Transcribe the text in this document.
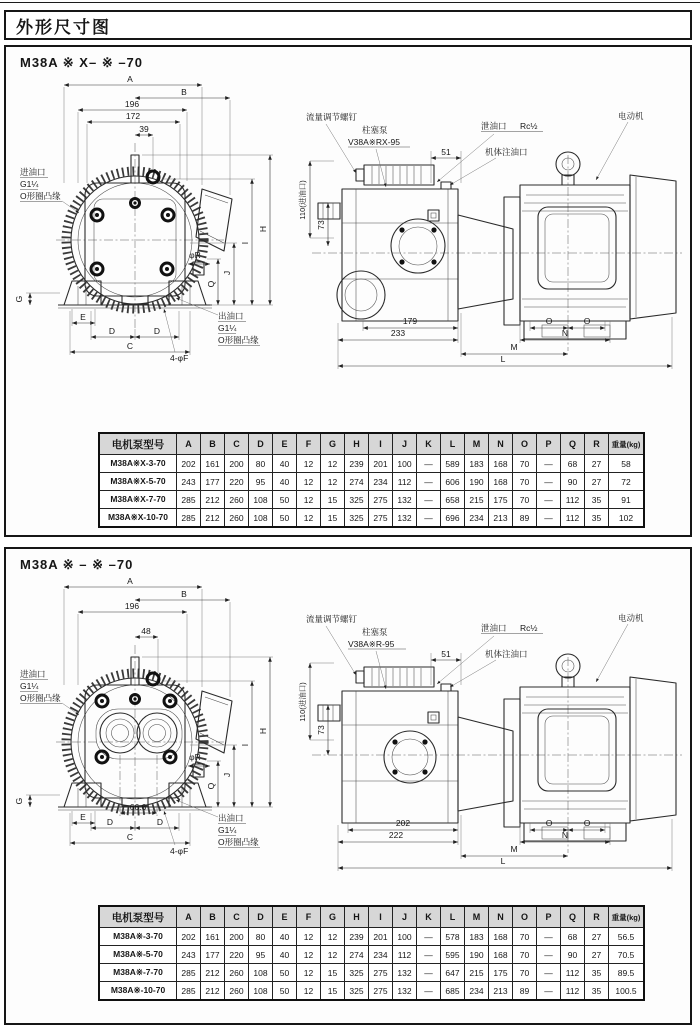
外形尺寸图
M38A ※ X– ※ –70
A
B
196
172
39
H
I
J
Q
φR
进油口
G1¼
O形圈凸缘
G
E
D	D
C
4-φF
出油口
G1¼
O形圈凸缘
流量调节螺钉
柱塞泵
V38A※RX-95
51
泄油口 Rc½
机体注油口
电动机
110(进油口)
73
179
233
O	O
N
M
L
电机泵型号	A	B	C	D	E	F	G	H	I	J	K	L	M	N	O	P	Q	R	重量(kg)
M38A※X-3-70	202	161	200	80	40	12	12	239	201	100	—	589	183	168	70	—	68	27	58
M38A※X-5-70	243	177	220	95	40	12	12	274	234	112	—	606	190	168	70	—	90	27	72
M38A※X-7-70	285	212	260	108	50	12	15	325	275	132	—	658	215	175	70	—	112	35	91
M38A※X-10-70	285	212	260	108	50	12	15	325	275	132	—	696	234	213	89	—	112	35	102
M38A ※ – ※ –70
A
B
196
48
H
I
J
Q
φR
进油口
G1¼
O形圈凸缘
G
E
66.6
D	D
C
4-φF
出油口
G1¼
O形圈凸缘
流量调节螺钉
柱塞泵
V38A※R-95
51
泄油口 Rc½
机体注油口
电动机
110(进油口)
73
202
222
O	O
N
M
L
电机泵型号	A	B	C	D	E	F	G	H	I	J	K	L	M	N	O	P	Q	R	重量(kg)
M38A※-3-70	202	161	200	80	40	12	12	239	201	100	—	578	183	168	70	—	68	27	56.5
M38A※-5-70	243	177	220	95	40	12	12	274	234	112	—	595	190	168	70	—	90	27	70.5
M38A※-7-70	285	212	260	108	50	12	15	325	275	132	—	647	215	175	70	—	112	35	89.5
M38A※-10-70	285	212	260	108	50	12	15	325	275	132	—	685	234	213	89	—	112	35	100.5
